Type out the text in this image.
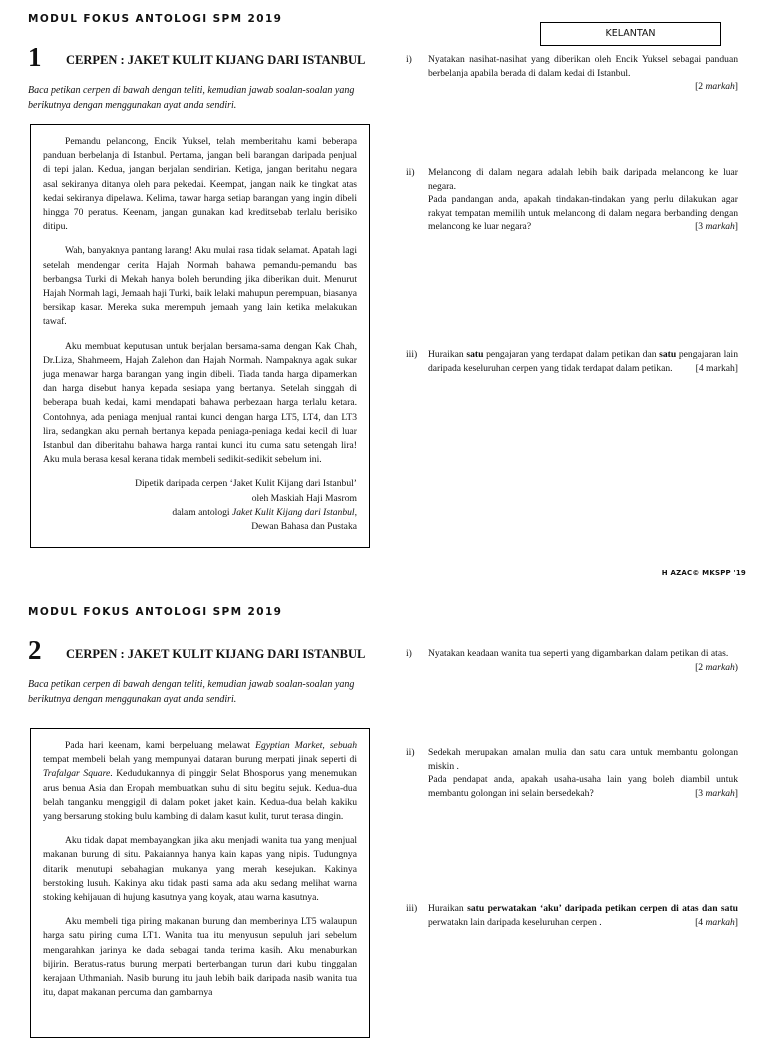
MODUL FOKUS ANTOLOGI SPM 2019
KELANTAN
1 CERPEN : JAKET KULIT KIJANG DARI ISTANBUL
Baca petikan cerpen di bawah dengan teliti, kemudian jawab soalan-soalan yang berikutnya dengan menggunakan ayat anda sendiri.

Pemandu pelancong, Encik Yuksel, telah memberitahu kami beberapa panduan berbelanja di Istanbul. Pertama, jangan beli barangan daripada penjual di tepi jalan. Kedua, jangan berjalan sendirian. Ketiga, jangan beritahu negara asal sekiranya ditanya oleh para pekedai. Keempat, jangan naik ke tingkat atas kedai sekiranya dipelawa. Kelima, tawar harga setiap barangan yang ingin dibeli hingga 70 peratus. Keenam, jangan gunakan kad kreditsebab terlalu berisiko ditipu.

Wah, banyaknya pantang larang! Aku mulai rasa tidak selamat. Apatah lagi setelah mendengar cerita Hajah Normah bahawa pemandu-pemandu bas berbangsa Turki di Mekah hanya boleh berunding jika diberikan duit. Menurut Hajah Normah lagi, Jemaah haji Turki, baik lelaki mahupun perempuan, biasanya bersikap kasar. Mereka suka merempuh jemaah yang lain ketika melakukan tawaf.

Aku membuat keputusan untuk berjalan bersama-sama dengan Kak Chah, Dr.Liza, Shahmeem, Hajah Zalehon dan Hajah Normah. Nampaknya agak sukar juga menawar harga barangan yang ingin dibeli. Tiada tanda harga dipamerkan dan harga disebut hanya kepada sesiapa yang bertanya. Setelah singgah di beberapa buah kedai, kami mendapati bahawa perbezaan harga terlalu ketara. Contohnya, ada peniaga menjual rantai kunci dengan harga LT5, LT4, dan LT3 lira, sedangkan aku pernah bertanya kepada peniaga-peniaga kedai kecil di luar Istanbul dan diberitahu bahawa harga rantai kunci itu cuma satu setengah lira! Aku mula berasa kesal kerana tidak membeli sedikit-sedikit sebelum ini.

Dipetik daripada cerpen ‘Jaket Kulit Kijang dari Istanbul’
oleh Maskiah Haji Masrom
dalam antologi Jaket Kulit Kijang dari Istanbul,
Dewan Bahasa dan Pustaka
i) Nyatakan nasihat-nasihat yang diberikan oleh Encik Yuksel sebagai panduan berbelanja apabila berada di dalam kedai di Istanbul.
[2 markah]
ii) Melancong di dalam negara adalah lebih baik daripada melancong ke luar negara.
Pada pandangan anda, apakah tindakan-tindakan yang perlu dilakukan agar rakyat tempatan memilih untuk melancong di dalam negara berbanding dengan melancong ke luar negara?	[3 markah]
iii) Huraikan satu pengajaran yang terdapat dalam petikan dan satu pengajaran lain daripada keseluruhan cerpen yang tidak terdapat dalam petikan. [4 markah]
H AZAC© MKSPP '19
MODUL FOKUS ANTOLOGI SPM 2019
2 CERPEN : JAKET KULIT KIJANG DARI ISTANBUL
Baca petikan cerpen di bawah dengan teliti, kemudian jawab soalan-soalan yang berikutnya dengan menggunakan ayat anda sendiri.

Pada hari keenam, kami berpeluang melawat Egyptian Market, sebuah tempat membeli belah yang mempunyai dataran burung merpati jinak seperti di Trafalgar Square. Kedudukannya di pinggir Selat Bhosporus yang menemukan arus benua Asia dan Eropah membuatkan suhu di situ begitu sejuk. Kedua-dua belah tanganku menggigil di dalam poket jaket kain. Kedua-dua belah kakiku yang bersarung stoking bulu kambing di dalam kasut kulit, turut terasa dingin.

Aku tidak dapat membayangkan jika aku menjadi wanita tua yang menjual makanan burung di situ. Pakaiannya hanya kain kapas yang nipis. Tudungnya ditarik menutupi sebahagian mukanya yang merah kesejukan. Kakinya berstoking lusuh. Kakinya aku tidak pasti sama ada aku sedang melihat warna stoking kehijauan di hujung kasutnya yang koyak, atau warna kasutnya.

Aku membeli tiga piring makanan burung dan memberinya LT5 walaupun harga satu piring cuma LT1. Wanita tua itu menyusun sepuluh jari sebelum mengarahkan jarinya ke dada sebagai tanda terima kasih. Aku menaburkan bijirin. Beratus-ratus burung merpati berterbangan turun dari kubu tinggalan kerajaan Uthmaniah. Nasib burung itu jauh lebih baik daripada nasib wanita tua itu, dapat makanan percuma dan gambarnya

i) Nyatakan keadaan wanita tua seperti yang digambarkan dalam petikan di atas.
[2 markah)
ii) Sedekah merupakan amalan mulia dan satu cara untuk membantu golongan miskin .
Pada pendapat anda, apakah usaha-usaha lain yang boleh diambil untuk membantu golongan ini selain bersedekah?	[3 markah]
iii) Huraikan satu perwatakan ‘aku’ daripada petikan cerpen di atas dan satu perwatakn lain daripada keseluruhan cerpen .	[4 markah]
